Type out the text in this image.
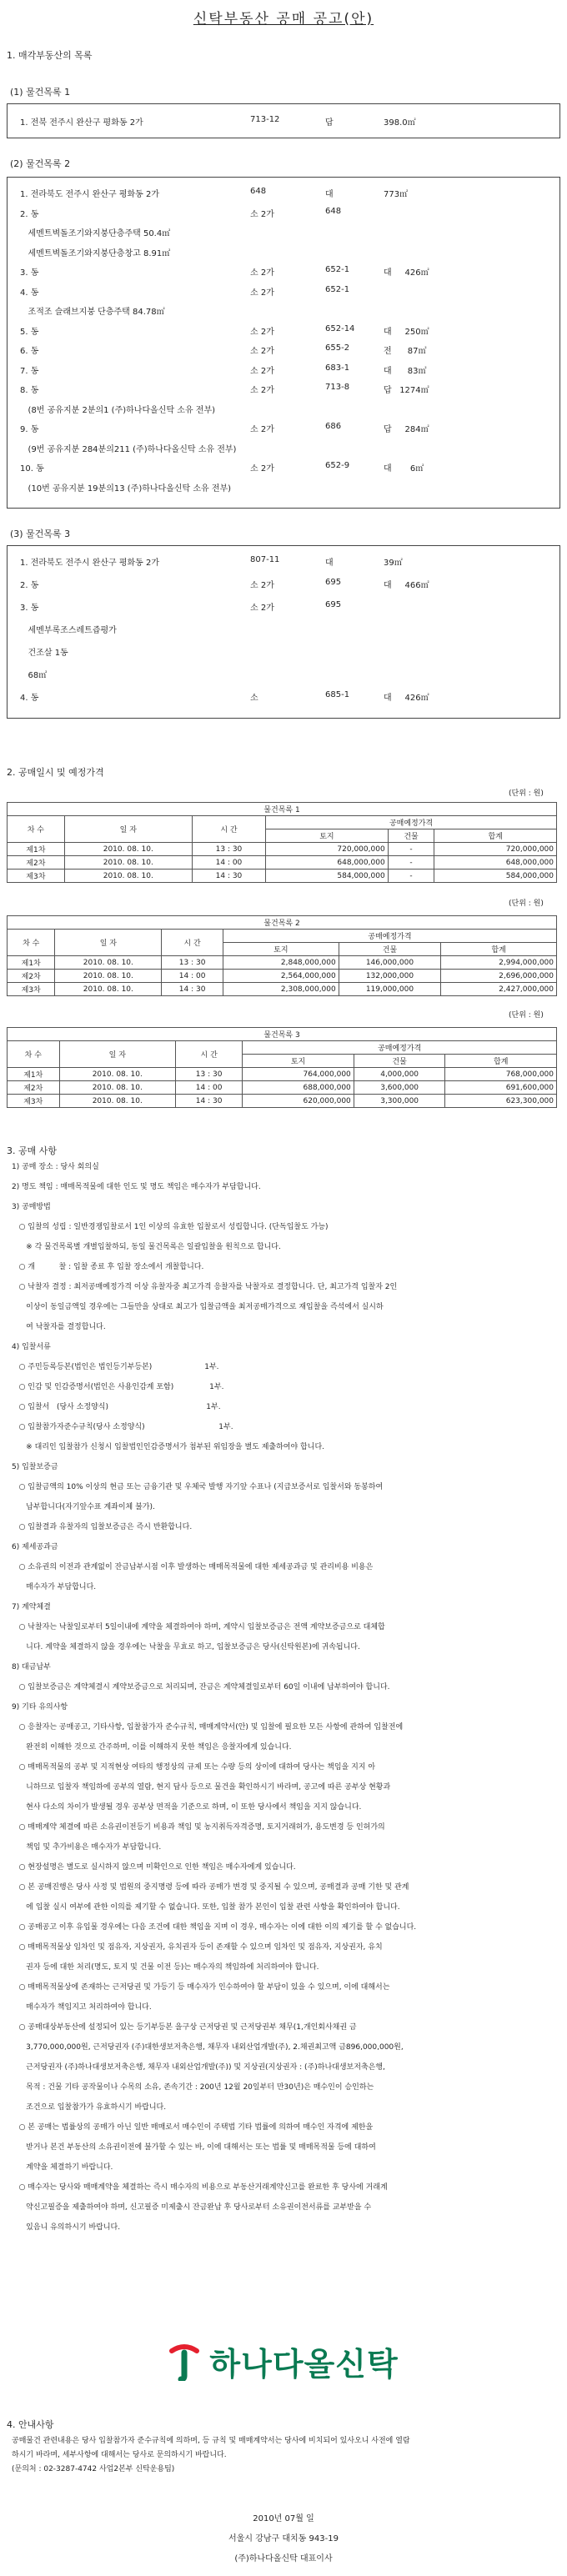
신탁부동산 공매 공고(안)
1. 매각부동산의 목록
(1) 물건목록 1
1. 전북 전주시 완산구 평화동 2가	713-12	답	398.0㎡
(2) 물건목록 2
1. 전라북도 전주시 완산구 평화동 2가	648	대	773㎡
2. 동	소 2가	648
세멘트벽돌조기와지붕단층주택 50.4㎡
세멘트벽돌조기와지붕단층창고 8.91㎡
3. 동	소 2가	652-1	대     426㎡
4. 동	소 2가	652-1
조적조 슬래브지붕 단층주택 84.78㎡
5. 동	소 2가	652-14	대     250㎡
6. 동	소 2가	655-2	전      87㎡
7. 동	소 2가	683-1	대      83㎡
8. 동	소 2가	713-8	답   1274㎡
(8번 공유지분 2분의1 (주)하나다올신탁 소유 전부)
9. 동	소 2가	686	답     284㎡
(9번 공유지분 284분의211 (주)하나다올신탁 소유 전부)
10. 동	소 2가	652-9	대       6㎡
(10번 공유지분 19분의13 (주)하나다올신탁 소유 전부)
(3) 물건목록 3
1. 전라북도 전주시 완산구 평화동 2가	807-11	대	39㎡
2. 동	소 2가	695	대     466㎡
3. 동	소 2가	695
세멘부록조스레트즙평가
건조살 1동
68㎡
4. 동	소	685-1	대     426㎡
2. 공매일시 및 예정가격
(단위 : 원)
물건목록 1					
차 수	일 자	시 간	공매예정가격		
			토지	건물	합계
제1차	2010. 08. 10.	13 : 30	720,000,000	-	720,000,000
제2차	2010. 08. 10.	14 : 00	648,000,000	-	648,000,000
제3차	2010. 08. 10.	14 : 30	584,000,000	-	584,000,000
(단위 : 원)
물건목록 2					
차 수	일 자	시 간	공매예정가격		
			토지	건물	합계
제1차	2010. 08. 10.	13 : 30	2,848,000,000	146,000,000	2,994,000,000
제2차	2010. 08. 10.	14 : 00	2,564,000,000	132,000,000	2,696,000,000
제3차	2010. 08. 10.	14 : 30	2,308,000,000	119,000,000	2,427,000,000
(단위 : 원)
물건목록 3					
차 수	일 자	시 간	공매예정가격		
			토지	건물	합계
제1차	2010. 08. 10.	13 : 30	764,000,000	4,000,000	768,000,000
제2차	2010. 08. 10.	14 : 00	688,000,000	3,600,000	691,600,000
제3차	2010. 08. 10.	14 : 30	620,000,000	3,300,000	623,300,000
3. 공매 사항
1) 공매 장소 : 당사 회의실
2) 명도 책임 : 매매목적물에 대한 인도 및 명도 책임은 매수자가 부담합니다.
3) 공매방법
○ 입찰의 성립 : 일반경쟁입찰로서 1인 이상의 유효한 입찰로서 성립합니다. (단독입찰도 가능)
※ 각 물건목록별 개별입찰하되, 동일 물건목록은 일괄입찰을 원칙으로 합니다.
○ 개          찰 : 입찰 종료 후 입찰 장소에서 개찰합니다.
○ 낙찰자 결정 : 최저공매예정가격 이상 유찰자중 최고가격 응찰자를 낙찰자로 결정합니다. 단, 최고가격 입찰자 2인
이상이 동일금액일 경우에는 그들만을 상대로 최고가 입찰금액을 최저공매가격으로 재입찰을 즉석에서 실시하
여 낙찰자를 결정합니다.
4) 입찰서류
○ 주민등록등본(법인은 법인등기부등본)                      1부.
○ 인감 및 인감증명서(법인은 사용인감계 포함)               1부.
○ 입찰서   (당사 소정양식)                                         1부.
○ 입찰참가자준수규칙(당사 소정양식)                               1부.
※ 대리인 입찰참가 신청시 입찰법인인감증명서가 첨부된 위임장을 별도 제출하여야 합니다.
5) 입찰보증금
○ 입찰금액의 10% 이상의 현금 또는 금융기관 및 우체국 발행 자기앞 수표나 (지급보증서로 입찰서와 동봉하여
납부합니다(자기앞수표 계좌이체 불가).
○ 입찰결과 유찰자의 입찰보증금은 즉시 반환합니다.
6) 제세공과금
○ 소유권의 이전과 관계없이 잔금납부시점 이후 발생하는 매매목적물에 대한 제세공과금 및 관리비용 비용은
매수자가 부담합니다.
7) 계약체결
○ 낙찰자는 낙찰일로부터 5일이내에 계약을 체결하여야 하며, 계약시 입찰보증금은 전액 계약보증금으로 대체합
니다. 계약을 체결하지 않을 경우에는 낙찰을 무효로 하고, 입찰보증금은 당사(신탁원본)에 귀속됩니다.
8) 대금납부
○ 입찰보증금은 계약체결시 계약보증금으로 처리되며, 잔금은 계약체결일로부터 60일 이내에 납부하여야 합니다.
9) 기타 유의사항
○ 응찰자는 공매공고, 기타사항, 입찰참가자 준수규칙, 매매계약서(안) 및 입찰에 필요한 모든 사항에 관하여 입찰전에
완전히 이해한 것으로 간주하며, 이를 이해하지 못한 책임은 응찰자에게 있습니다.
○ 매매목적물의 공부 및 지적현상 여타의 행정상의 규제 또는 수량 등의 상이에 대하여 당사는 책임을 지지 아
니하므로 입찰자 책임하에 공부의 열람, 현지 답사 등으로 물건을 확인하시기 바라며, 공고에 따른 공부상 현황과
현사 다소의 차이가 발생될 경우 공부상 면적을 기준으로 하며, 이 또한 당사에서 책임을 지지 않습니다.
○ 매매계약 체결에 따른 소유권이전등기 비용과 책임 및 농지취득자격증명, 토지거래허가, 용도변경 등 인허가의
책임 및 추가비용은 매수자가 부담합니다.
○ 현장설명은 별도로 실시하지 않으며 미확인으로 인한 책임은 매수자에게 있습니다.
○ 본 공매진행은 당사 사정 및 법원의 중지명령 등에 따라 공매가 변경 및 중지될 수 있으며, 공매결과 공매 기한 및 관계
에 입찰 실시 여부에 관한 이의를 제기할 수 없습니다. 또한, 입찰 참가 본인이 입찰 관련 사항을 확인하여야 합니다.
○ 공매공고 이후 유입물 경우에는 다음 조건에 대한 책임을 지며 이 경우, 매수자는 이에 대한 이의 제기를 할 수 없습니다.
○ 매매목적물상 임차인 및 점유자, 지상권자, 유치권자 등이 존재할 수 있으며 임차인 및 점유자, 지상권자, 유치
권자 등에 대한 처리(명도, 토지 및 건물 이전 등)는 매수자의 책임하에 처리하여야 합니다.
○ 매매목적물상에 존재하는 근저당권 및 가등기 등 매수자가 인수하여야 할 부담이 있을 수 있으며, 이에 대해서는
매수자가 책임지고 처리하여야 합니다.
○ 공매대상부동산에 설정되어 있는 등기부등본 을구상 근저당권 및 근저당권부 채무(1,개인회사채권 금
3,770,000,000원, 근저당권자 (주)대한생보저축은행, 채무자 내외산업개발(주), 2.채권최고액 금896,000,000원,
근저당권자 (주)하나대생보저축은행, 채무자 내외산업개발(주)) 및 지상권(지상권자 : (주)하나대생보저축은행,
목적 : 건물 기타 공작물이나 수목의 소유, 존속기간 : 200년 12월 20일부터 만30년)은 매수인이 승인하는
조건으로 입찰참가가 유효하시기 바랍니다.
○ 본 공매는 법률상의 공매가 아닌 일반 매매로서 매수인이 주택법 기타 법률에 의하여 매수인 자격에 제한을
받거나 본건 부동산의 소유권이전에 불가할 수 있는 바, 이에 대해서는 또는 법률 및 매매목적물 등에 대하여
계약을 체결하기 바랍니다.
○ 매수자는 당사와 매매계약을 체결하는 즉시 매수자의 비용으로 부동산거래계약신고를 완료한 후 당사에 거래계
약신고필증을 제출하여야 하며, 신고필증 미제출시 잔금완납 후 당사로부터 소유권이전서류를 교부받을 수
있음니 유의하시기 바랍니다.
하나다올신탁
4. 안내사항
공매물건 관련내용은 당사 입찰참가자 준수규칙에 의하며, 등 규칙 및 매매계약서는 당사에 비치되어 있사오니 사전에 열람
하시기 바라며, 세부사항에 대해서는 당사로 문의하시기 바랍니다.
(문의처 : 02-3287-4742 사업2본부 신탁운용팀)
2010년 07월 일
서울시 강남구 대치동 943-19
(주)하나다올신탁 대표이사
